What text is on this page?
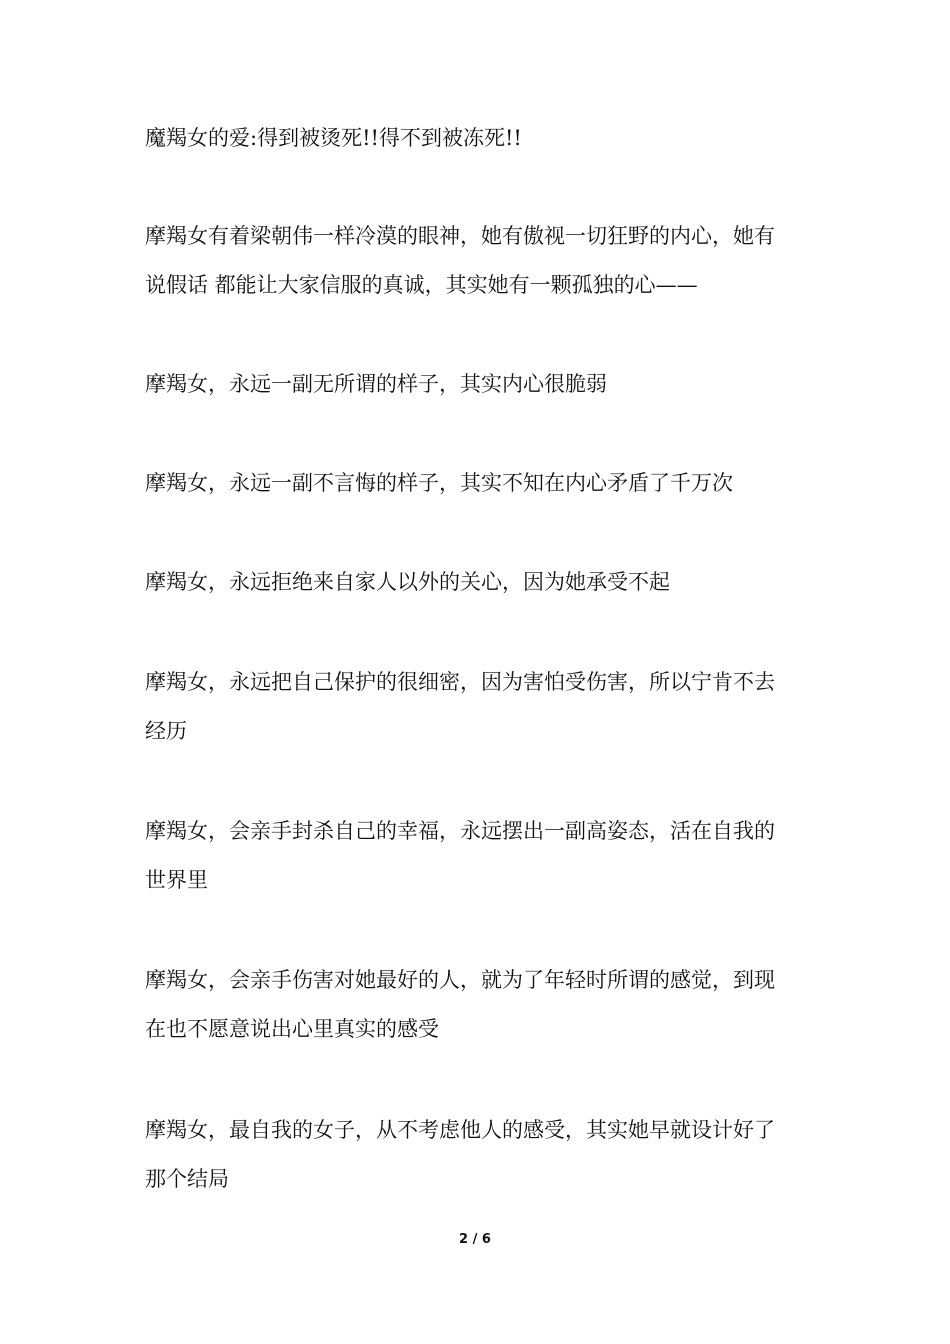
魔羯女的爱:得到被烫死!!得不到被冻死!!

摩羯女有着梁朝伟一样冷漠的眼神，她有傲视一切狂野的内心，她有
说假话 都能让大家信服的真诚，其实她有一颗孤独的心——

摩羯女，永远一副无所谓的样子，其实内心很脆弱

摩羯女，永远一副不言悔的样子，其实不知在内心矛盾了千万次

摩羯女，永远拒绝来自家人以外的关心，因为她承受不起

摩羯女，永远把自己保护的很细密，因为害怕受伤害，所以宁肯不去
经历

摩羯女，会亲手封杀自己的幸福，永远摆出一副高姿态，活在自我的
世界里

摩羯女，会亲手伤害对她最好的人，就为了年轻时所谓的感觉，到现
在也不愿意说出心里真实的感受

摩羯女，最自我的女子，从不考虑他人的感受，其实她早就设计好了
那个结局

2 / 6
